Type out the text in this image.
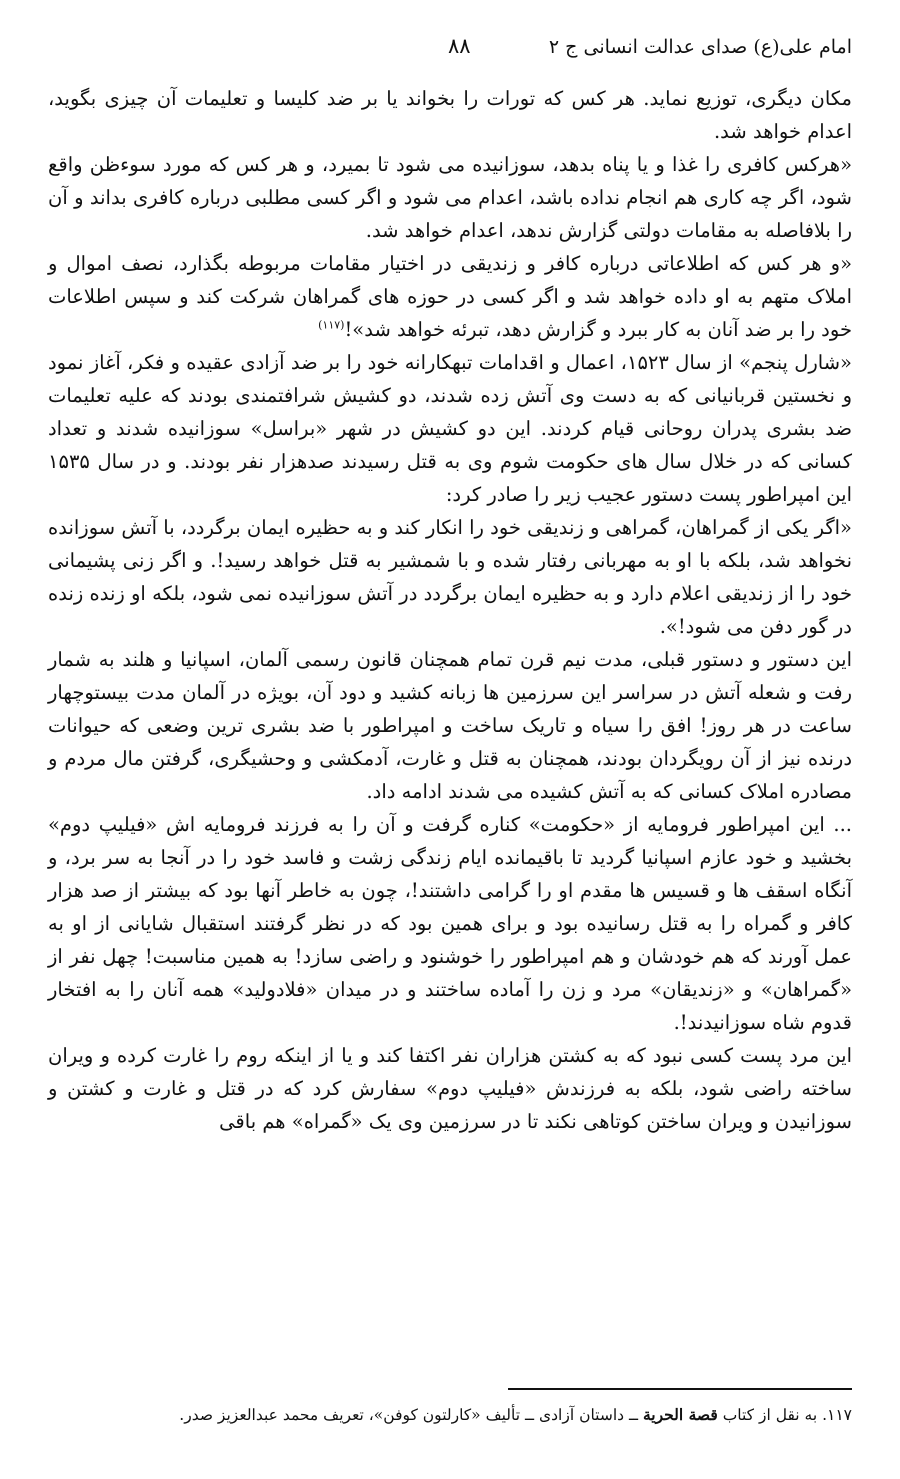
امام علی(ع) صدای عدالت انسانی ج ۲
۸۸

مکان دیگری، توزیع نماید. هر کس که تورات را بخواند یا بر ضد کلیسا و تعلیمات آن چیزی بگوید، اعدام خواهد شد.

«هرکس کافری را غذا و یا پناه بدهد، سوزانیده می شود تا بمیرد، و هر کس که مورد سوءظن واقع شود، اگر چه کاری هم انجام نداده باشد، اعدام می شود و اگر کسی مطلبی درباره کافری بداند و آن را بلافاصله به مقامات دولتی گزارش ندهد، اعدام خواهد شد.

«و هر کس که اطلاعاتی درباره کافر و زندیقی در اختیار مقامات مربوطه بگذارد، نصف اموال و املاک متهم به او داده خواهد شد و اگر کسی در حوزه های گمراهان شرکت کند و سپس اطلاعات خود را بر ضد آنان به کار ببرد و گزارش دهد، تبرئه خواهد شد»!$^{(۱۱۷)}$

«شارل پنجم» از سال ۱۵۲۳، اعمال و اقدامات تبهکارانه خود را بر ضد آزادی عقیده و فکر، آغاز نمود و نخستین قربانیانی که به دست وی آتش زده شدند، دو کشیش شرافتمندی بودند که علیه تعلیمات ضد بشری پدران روحانی قیام کردند. این دو کشیش در شهر «براسل» سوزانیده شدند و تعداد کسانی که در خلال سال های حکومت شوم وی به قتل رسیدند صدهزار نفر بودند. و در سال ۱۵۳۵ این امپراطور پست دستور عجیب زیر را صادر کرد:

«اگر یکی از گمراهان، گمراهی و زندیقی خود را انکار کند و به حظیره ایمان برگردد، با آتش سوزانده نخواهد شد، بلکه با او به مهربانی رفتار شده و با شمشیر به قتل خواهد رسید!. و اگر زنی پشیمانی خود را از زندیقی اعلام دارد و به حظیره ایمان برگردد در آتش سوزانیده نمی شود، بلکه او زنده زنده در گور دفن می شود!».

این دستور و دستور قبلی، مدت نیم قرن تمام همچنان قانون رسمی آلمان، اسپانیا و هلند به شمار رفت و شعله آتش در سراسر این سرزمین ها زبانه کشید و دود آن، بویژه در آلمان مدت بیستوچهار ساعت در هر روز! افق را سیاه و تاریک ساخت و امپراطور با ضد بشری ترین وضعی که حیوانات درنده نیز از آن رویگردان بودند، همچنان به قتل و غارت، آدمکشی و وحشیگری، گرفتن مال مردم و مصادره املاک کسانی که به آتش کشیده می شدند ادامه داد.

... این امپراطور فرومایه از «حکومت» کناره گرفت و آن را به فرزند فرومایه اش «فیلیپ دوم» بخشید و خود عازم اسپانیا گردید تا باقیمانده ایام زندگی زشت و فاسد خود را در آنجا به سر برد، و آنگاه اسقف ها و قسیس ها مقدم او را گرامی داشتند!، چون به خاطر آنها بود که بیشتر از صد هزار کافر و گمراه را به قتل رسانیده بود و برای همین بود که در نظر گرفتند استقبال شایانی از او به عمل آورند که هم خودشان و هم امپراطور را خوشنود و راضی سازد! به همین مناسبت! چهل نفر از «گمراهان» و «زندیقان» مرد و زن را آماده ساختند و در میدان «فلادولید» همه آنان را به افتخار قدوم شاه سوزانیدند!.

این مرد پست کسی نبود که به کشتن هزاران نفر اکتفا کند و یا از اینکه روم را غارت کرده و ویران ساخته راضی شود، بلکه به فرزندش «فیلیپ دوم» سفارش کرد که در قتل و غارت و کشتن و سوزانیدن و ویران ساختن کوتاهی نکند تا در سرزمین وی یک «گمراه» هم باقی

۱۱۷. به نقل از کتاب قصة الحریة ــ داستان آزادی ــ تألیف «کارلتون کوفن»، تعریف محمد عبدالعزیز صدر.
